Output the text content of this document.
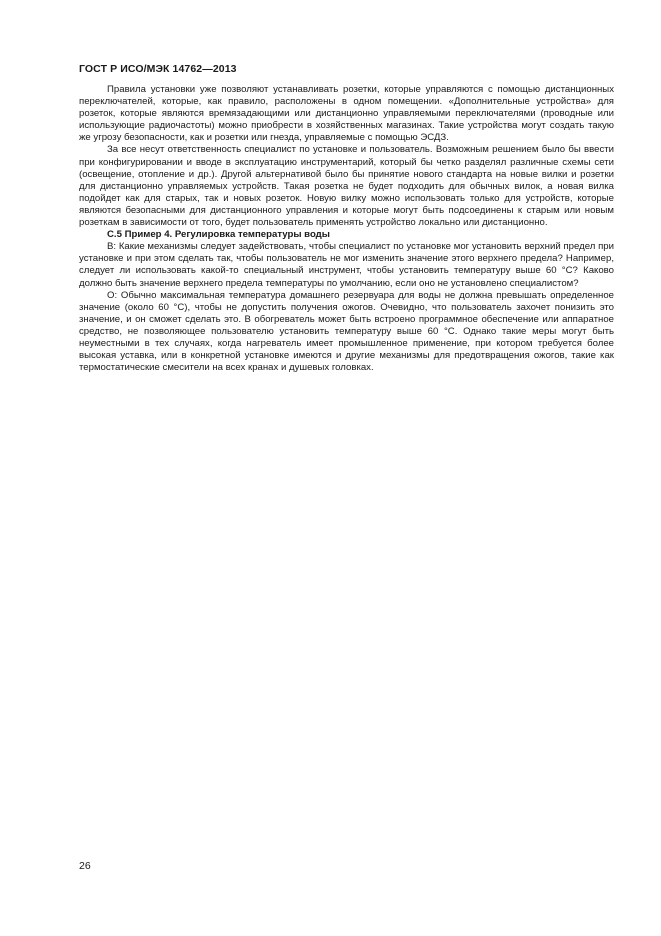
ГОСТ Р ИСО/МЭК 14762—2013

Правила установки уже позволяют устанавливать розетки, которые управляются с помощью дистанционных переключателей, которые, как правило, расположены в одном помещении. «Дополнительные устройства» для розеток, которые являются времязадающими или дистанционно управляемыми переключателями (проводные или использующие радиочастоты) можно приобрести в хозяйственных магазинах. Такие устройства могут создать такую же угрозу безопасности, как и розетки или гнезда, управляемые с помощью ЭСДЗ.

За все несут ответственность специалист по установке и пользователь. Возможным решением было бы ввести при конфигурировании и вводе в эксплуатацию инструментарий, который бы четко разделял различные схемы сети (освещение, отопление и др.). Другой альтернативой было бы принятие нового стандарта на новые вилки и розетки для дистанционно управляемых устройств. Такая розетка не будет подходить для обычных вилок, а новая вилка подойдет как для старых, так и новых розеток. Новую вилку можно использовать только для устройств, которые являются безопасными для дистанционного управления и которые могут быть подсоединены к старым или новым розеткам в зависимости от того, будет пользователь применять устройство локально или дистанционно.

С.5 Пример 4. Регулировка температуры воды

В: Какие механизмы следует задействовать, чтобы специалист по установке мог установить верхний предел при установке и при этом сделать так, чтобы пользователь не мог изменить значение этого верхнего предела? Например, следует ли использовать какой-то специальный инструмент, чтобы установить температуру выше 60 °С? Каково должно быть значение верхнего предела температуры по умолчанию, если оно не установлено специалистом?

О: Обычно максимальная температура домашнего резервуара для воды не должна превышать определенное значение (около 60 °С), чтобы не допустить получения ожогов. Очевидно, что пользователь захочет понизить это значение, и он сможет сделать это. В обогреватель может быть встроено программное обеспечение или аппаратное средство, не позволяющее пользователю установить температуру выше 60 °С. Однако такие меры могут быть неуместными в тех случаях, когда нагреватель имеет промышленное применение, при котором требуется более высокая уставка, или в конкретной установке имеются и другие механизмы для предотвращения ожогов, такие как термостатические смесители на всех кранах и душевых головках.

26
